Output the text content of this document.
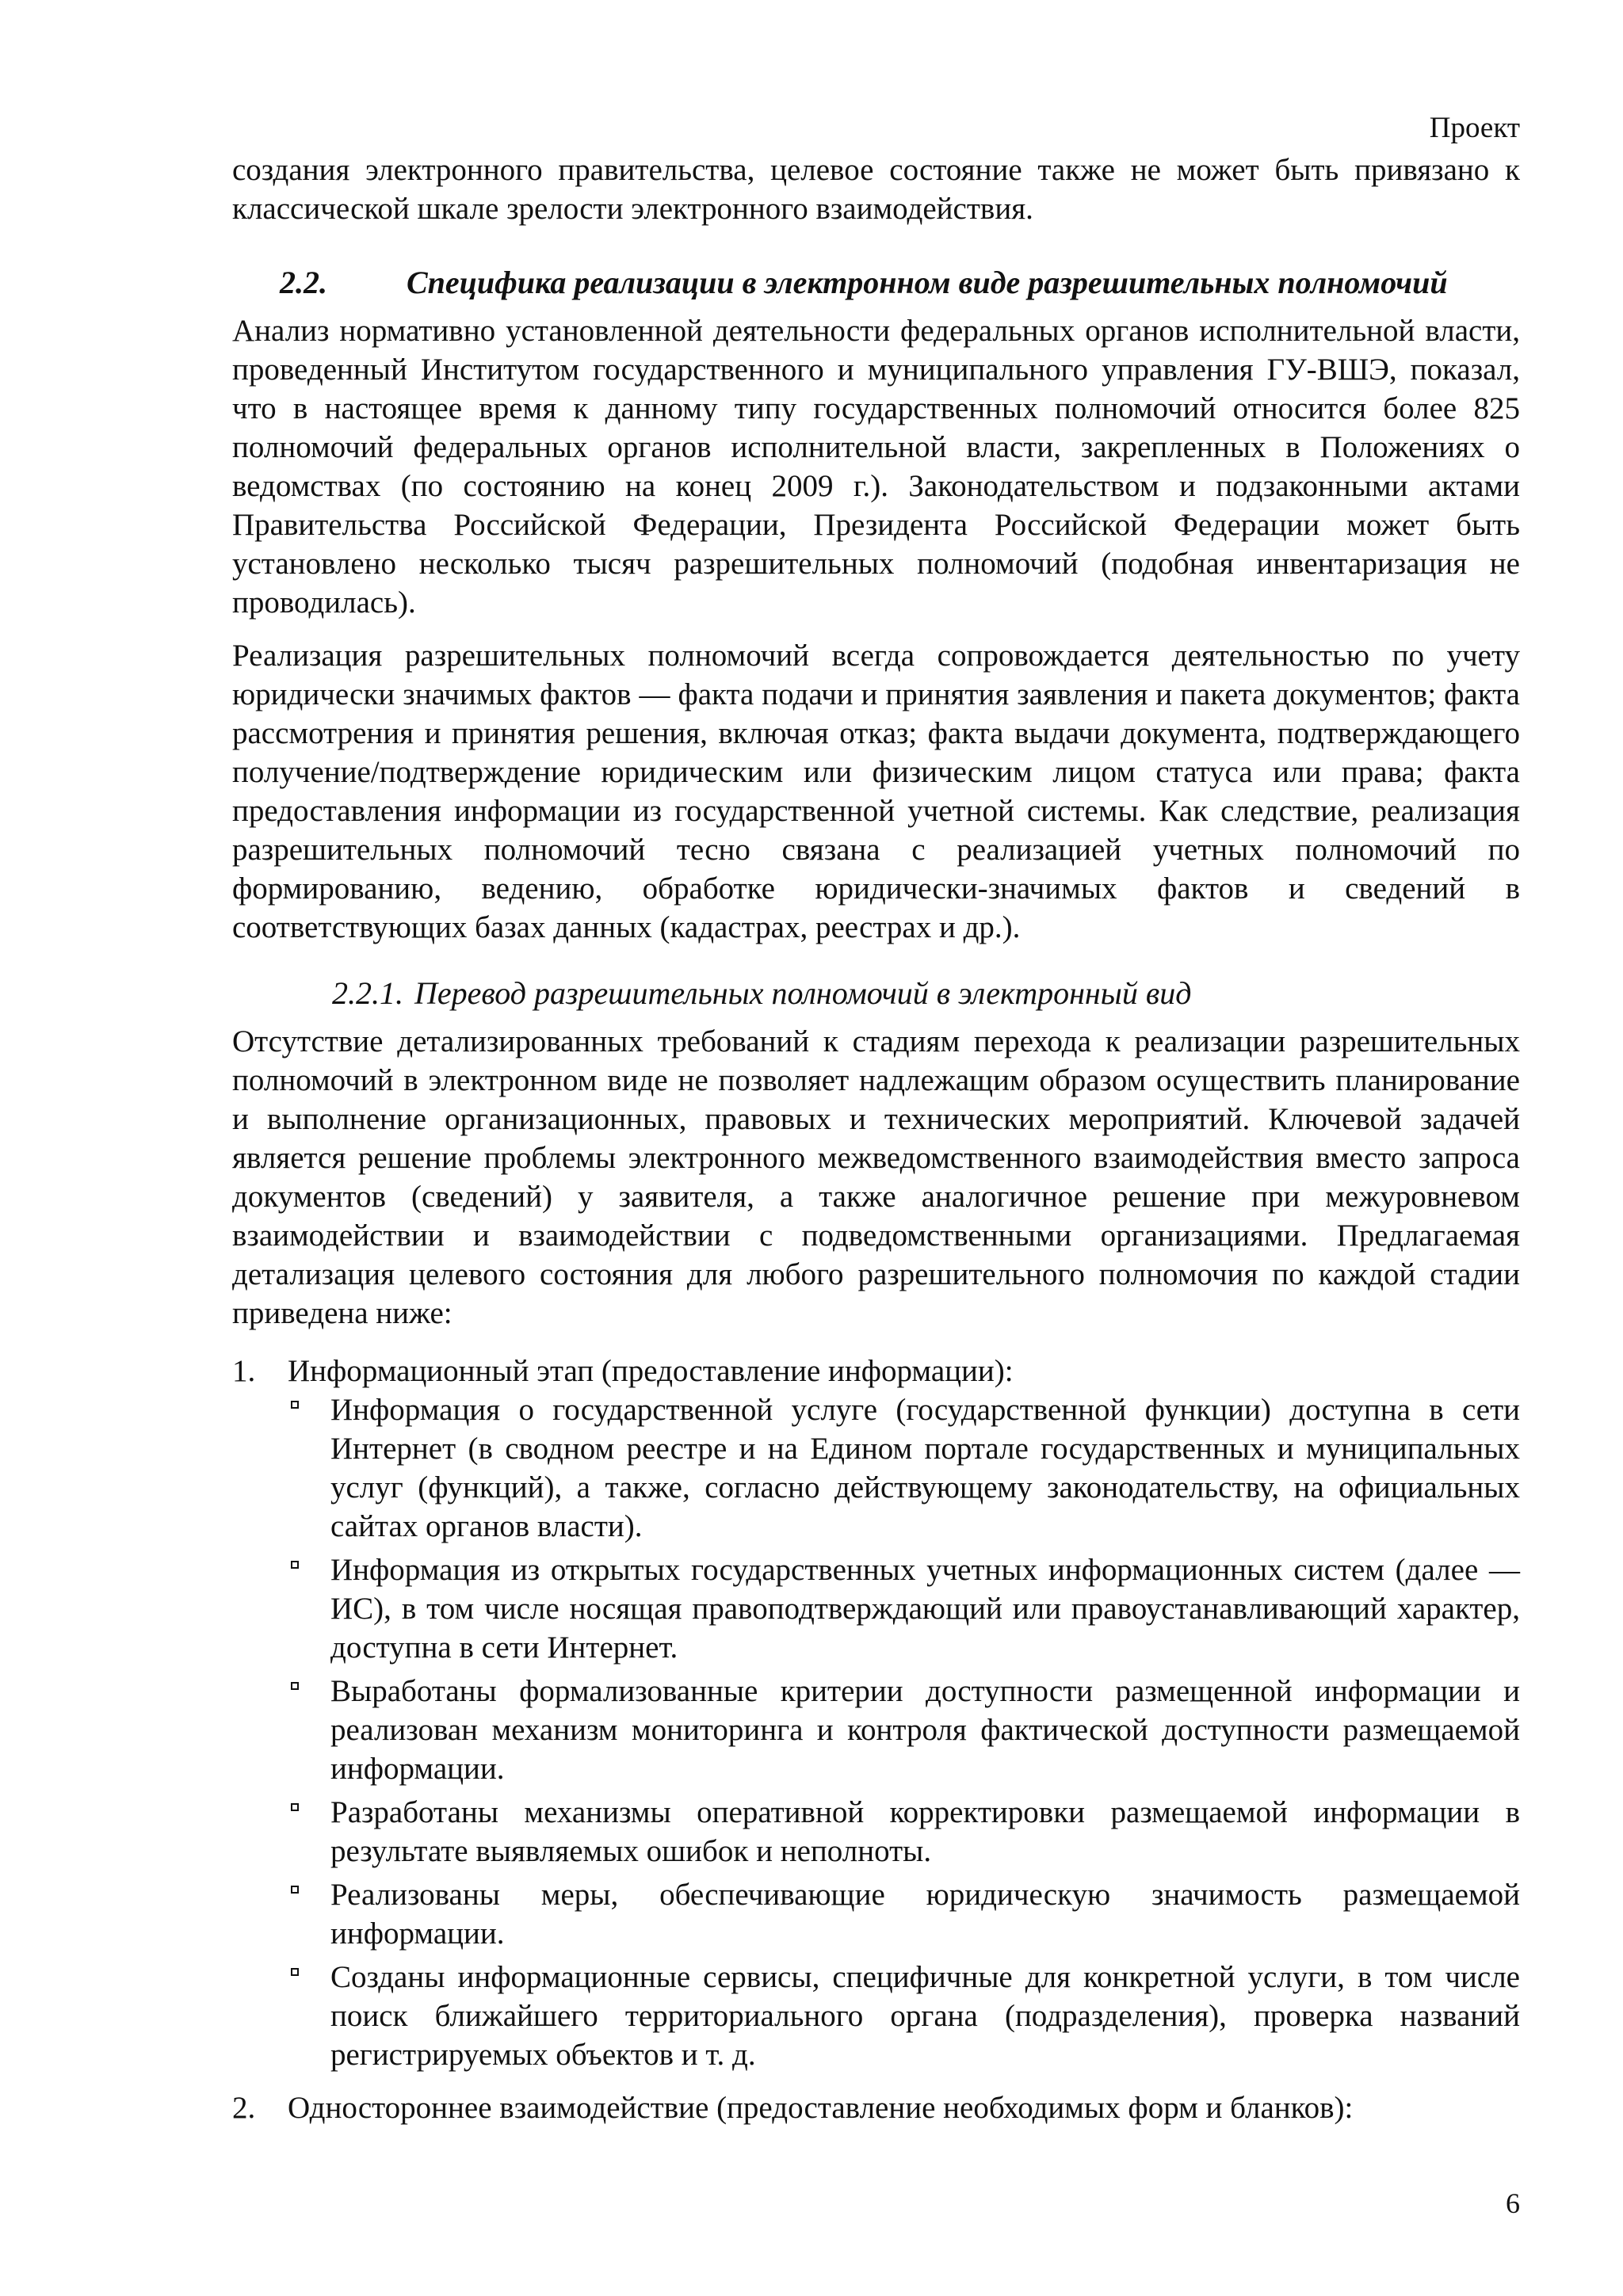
Проект

создания электронного правительства, целевое состояние также не может быть привязано к классической шкале зрелости электронного взаимодействия.

2.2.	Специфика реализации в электронном виде разрешительных полномочий

Анализ нормативно установленной деятельности федеральных органов исполнительной власти, проведенный Институтом государственного и муниципального управления ГУ-ВШЭ, показал, что в настоящее время к данному типу государственных полномочий относится более 825 полномочий федеральных органов исполнительной власти, закрепленных в Положениях о ведомствах (по состоянию на конец 2009 г.). Законодательством и подзаконными актами Правительства Российской Федерации, Президента Российской Федерации может быть установлено несколько тысяч разрешительных полномочий (подобная инвентаризация не проводилась).

Реализация разрешительных полномочий всегда сопровождается деятельностью по учету юридически значимых фактов — факта подачи и принятия заявления и пакета документов; факта рассмотрения и принятия решения, включая отказ; факта выдачи документа, подтверждающего получение/подтверждение юридическим или физическим лицом статуса или права; факта предоставления информации из государственной учетной системы. Как следствие, реализация разрешительных полномочий тесно связана с реализацией учетных полномочий по формированию, ведению, обработке юридически-значимых фактов и сведений в соответствующих базах данных (кадастрах, реестрах и др.).

2.2.1. Перевод разрешительных полномочий в электронный вид

Отсутствие детализированных требований к стадиям перехода к реализации разрешительных полномочий в электронном виде не позволяет надлежащим образом осуществить планирование и выполнение организационных, правовых и технических мероприятий. Ключевой задачей является решение проблемы электронного межведомственного взаимодействия вместо запроса документов (сведений) у заявителя, а также аналогичное решение при межуровневом взаимодействии и взаимодействии с подведомственными организациями. Предлагаемая детализация целевого состояния для любого разрешительного полномочия по каждой стадии приведена ниже:

1. Информационный этап (предоставление информации):
Информация о государственной услуге (государственной функции) доступна в сети Интернет (в сводном реестре и на Едином портале государственных и муниципальных услуг (функций), а также, согласно действующему законодательству, на официальных сайтах органов власти).
Информация из открытых государственных учетных информационных систем (далее — ИС), в том числе носящая правоподтверждающий или правоустанавливающий характер, доступна в сети Интернет.
Выработаны формализованные критерии доступности размещенной информации и реализован механизм мониторинга и контроля фактической доступности размещаемой информации.
Разработаны механизмы оперативной корректировки размещаемой информации в результате выявляемых ошибок и неполноты.
Реализованы меры, обеспечивающие юридическую значимость размещаемой информации.
Созданы информационные сервисы, специфичные для конкретной услуги, в том числе поиск ближайшего территориального органа (подразделения), проверка названий регистрируемых объектов и т. д.
2. Одностороннее взаимодействие (предоставление необходимых форм и бланков):
6
